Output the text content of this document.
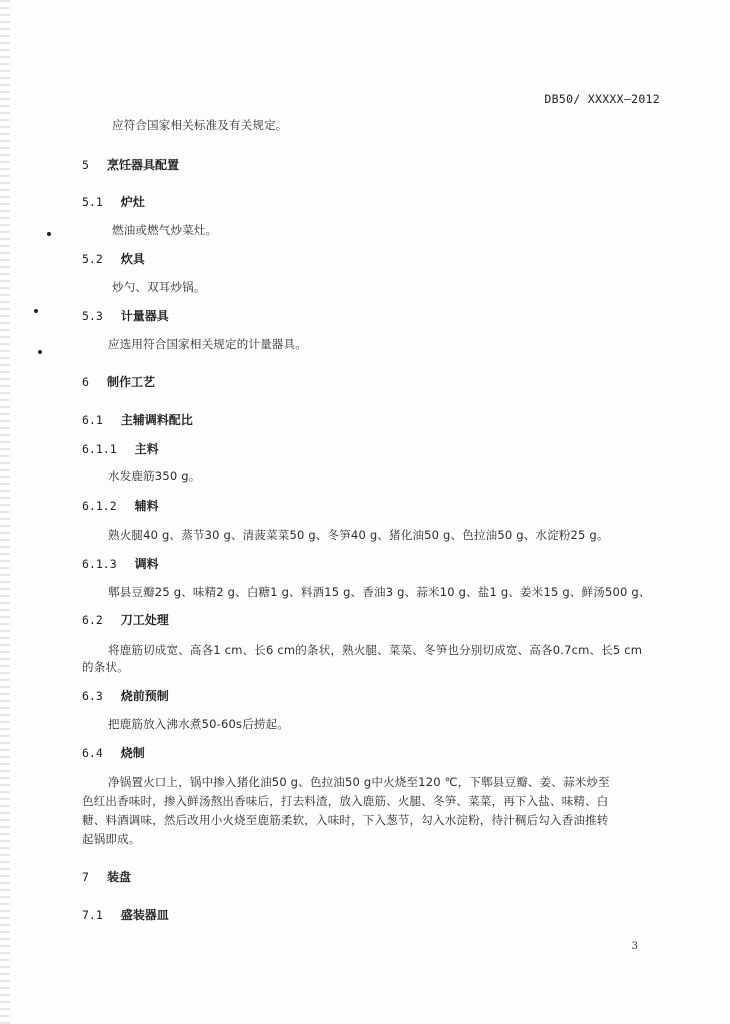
DB50/ XXXXX—2012
应符合国家相关标准及有关规定。
5 烹饪器具配置
5.1 炉灶
燃油或燃气炒菜灶。
5.2 炊具
炒勺、双耳炒锅。
5.3 计量器具
应选用符合国家相关规定的计量器具。
6 制作工艺
6.1 主辅调料配比
6.1.1 主料
水发鹿筋350 g。
6.1.2 辅料
熟火腿40 g、蒸节30 g、清菠菜菜50 g、冬笋40 g、猪化油50 g、色拉油50 g、水淀粉25 g。
6.1.3 调料
郫县豆瓣25 g、味精2 g、白糖1 g、料酒15 g、香油3 g、蒜米10 g、盐1 g、姜米15 g、鲜汤500 g、
6.2 刀工处理
将鹿筋切成宽、高各1 cm、长6 cm的条状，熟火腿、菜菜、冬笋也分别切成宽、高各0.7cm、长5 cm
的条状。
6.3 烧前预制
把鹿筋放入沸水煮50-60s后捞起。
6.4 烧制
净锅置火口上，锅中掺入猪化油50 g、色拉油50 g中火烧至120 ℃，下郫县豆瓣、姜、蒜米炒至
色红出香味时，掺入鲜汤熬出香味后，打去料渣，放入鹿筋、火腿、冬笋、菜菜，再下入盐、味精、白
糖、料酒调味，然后改用小火烧至鹿筋柔软，入味时，下入葱节，勾入水淀粉，待汁稠后勾入香油推转
起锅即成。
7 装盘
7.1 盛装器皿
3
